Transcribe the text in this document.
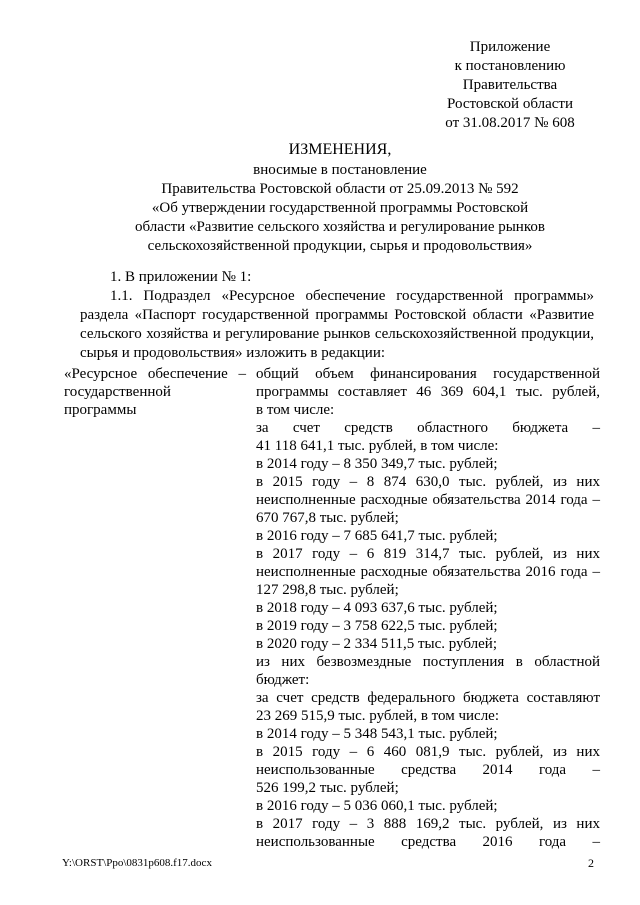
Приложение
к постановлению
Правительства
Ростовской области
от 31.08.2017 № 608
ИЗМЕНЕНИЯ,
вносимые в постановление
Правительства Ростовской области от 25.09.2013 № 592
«Об утверждении государственной программы Ростовской
области «Развитие сельского хозяйства и регулирование рынков
сельскохозяйственной продукции, сырья и продовольствия»
1. В приложении № 1:
1.1. Подраздел «Ресурсное обеспечение государственной программы»
раздела «Паспорт государственной программы Ростовской области «Развитие
сельского хозяйства и регулирование рынков сельскохозяйственной продукции,
сырья и продовольствия» изложить в редакции:
«Ресурсное обеспечение –
государственной
программы
общий объем финансирования государственной
программы составляет 46 369 604,1 тыс. рублей,
в том числе:
за счет средств областного бюджета –
41 118 641,1 тыс. рублей, в том числе:
в 2014 году – 8 350 349,7 тыс. рублей;
в 2015 году – 8 874 630,0 тыс. рублей, из них
неисполненные расходные обязательства 2014 года –
670 767,8 тыс. рублей;
в 2016 году – 7 685 641,7 тыс. рублей;
в 2017 году – 6 819 314,7 тыс. рублей, из них
неисполненные расходные обязательства 2016 года –
127 298,8 тыс. рублей;
в 2018 году – 4 093 637,6 тыс. рублей;
в 2019 году – 3 758 622,5 тыс. рублей;
в 2020 году – 2 334 511,5 тыс. рублей;
из них безвозмездные поступления в областной
бюджет:
за счет средств федерального бюджета составляют
23 269 515,9 тыс. рублей, в том числе:
в 2014 году – 5 348 543,1 тыс. рублей;
в 2015 году – 6 460 081,9 тыс. рублей, из них
неиспользованные средства 2014 года –
526 199,2 тыс. рублей;
в 2016 году – 5 036 060,1 тыс. рублей;
в 2017 году – 3 888 169,2 тыс. рублей, из них
неиспользованные средства 2016 года –
Y:\ORST\Ppo\0831p608.f17.docx	2
